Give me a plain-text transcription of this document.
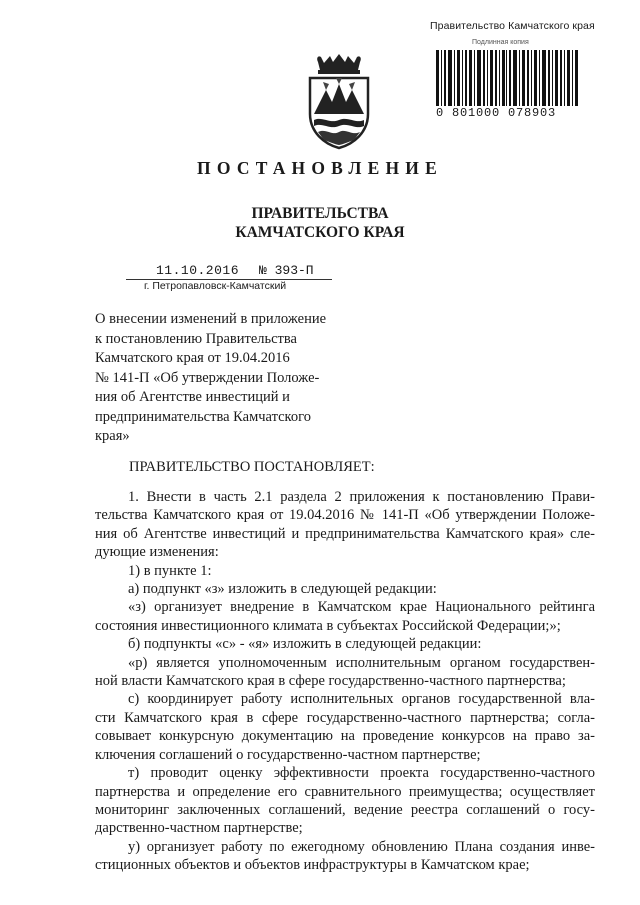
Правительство Камчатского края
Подлинная копия
0 801000 078903
ПОСТАНОВЛЕНИЕ
ПРАВИТЕЛЬСТВА
КАМЧАТСКОГО КРАЯ
11.10.2016 № 393-П
г. Петропавловск-Камчатский
О внесении изменений в приложение
к постановлению Правительства
Камчатского края от 19.04.2016
№ 141-П «Об утверждении Положе-
ния об Агентстве инвестиций и
предпринимательства Камчатского
края»
ПРАВИТЕЛЬСТВО ПОСТАНОВЛЯЕТ:

1. Внести в часть 2.1 раздела 2 приложения к постановлению Прави-

тельства Камчатского края от 19.04.2016 № 141-П «Об утверждении Положе-

ния об Агентстве инвестиций и предпринимательства Камчатского края» сле-

дующие изменения:

1) в пункте 1:

а) подпункт «з» изложить в следующей редакции:

«з) организует внедрение в Камчатском крае Национального рейтинга

состояния инвестиционного климата в субъектах Российской Федерации;»;

б) подпункты «с» - «я» изложить в следующей редакции:

«р) является уполномоченным исполнительным органом государствен-

ной власти Камчатского края в сфере государственно-частного партнерства;

с) координирует работу исполнительных органов государственной вла-

сти Камчатского края в сфере государственно-частного партнерства; согла-

совывает конкурсную документацию на проведение конкурсов на право за-

ключения соглашений о государственно-частном партнерстве;

т) проводит оценку эффективности проекта государственно-частного

партнерства и определение его сравнительного преимущества; осуществляет

мониторинг заключенных соглашений, ведение реестра соглашений о госу-

дарственно-частном партнерстве;

у) организует работу по ежегодному обновлению Плана создания инве-

стиционных объектов и объектов инфраструктуры в Камчатском крае;
